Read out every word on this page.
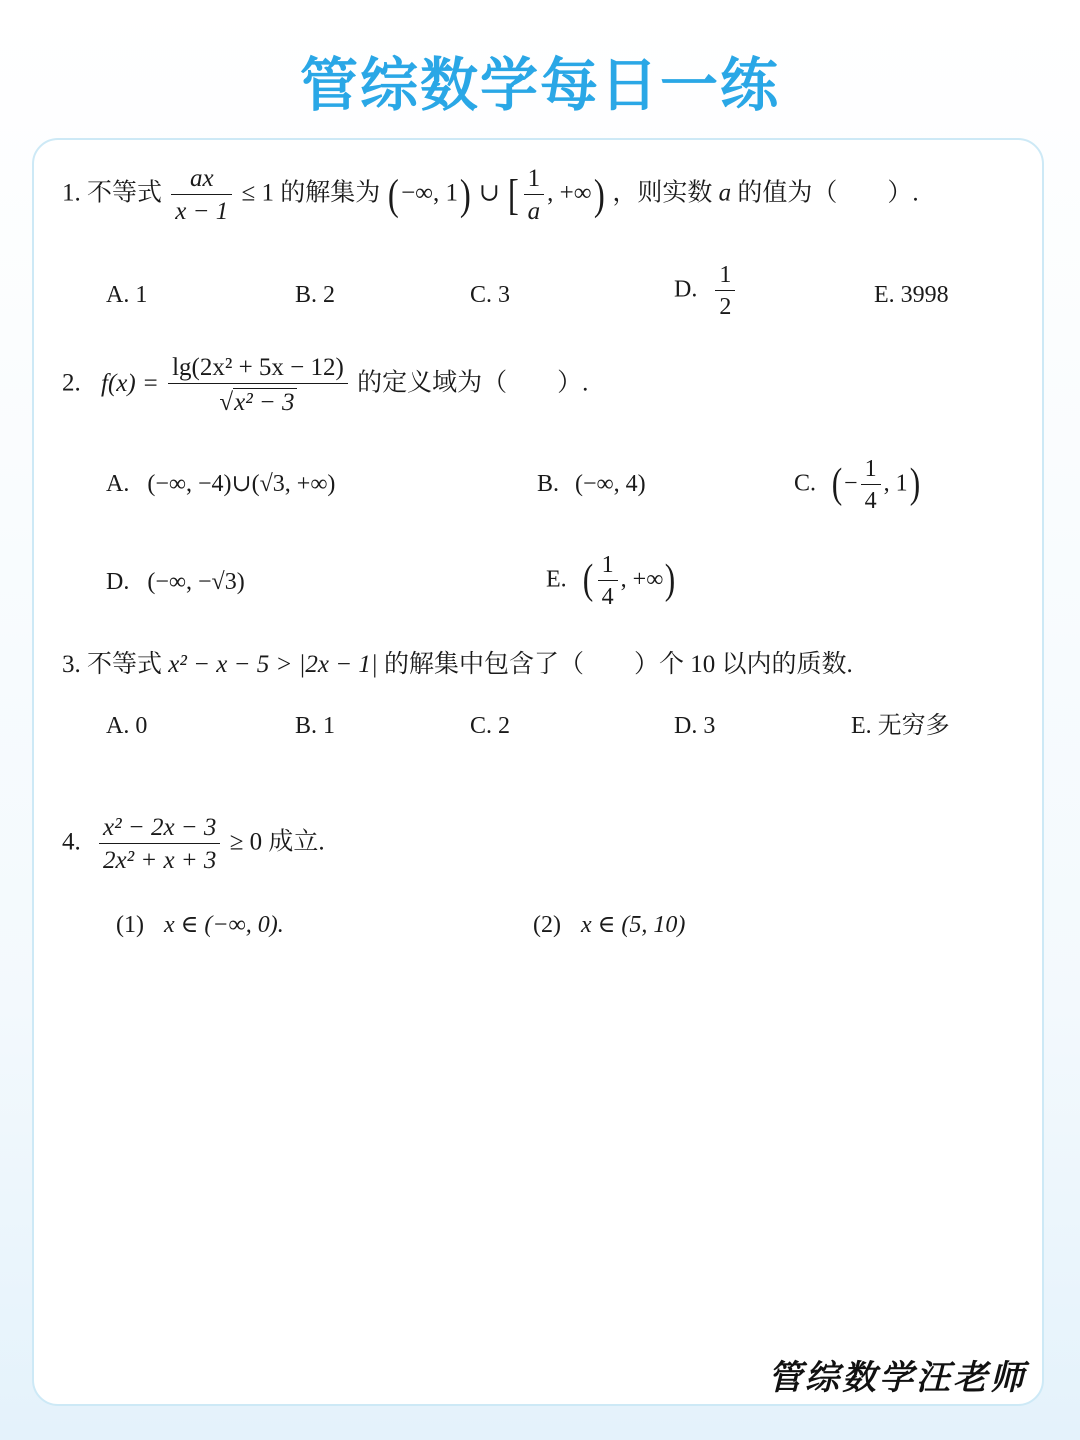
管综数学每日一练
1. 不等式 $\frac{ax}{x - 1} \le 1$ 的解集为 (−∞, 1) ∪ [ $\frac{1}{a}$ , +∞) ，则实数 a 的值为（　　）.
A. 1	B. 2	C. 3	D. $\frac{1}{2}$	E. 3998
2. $f(x) = \frac{\text{lg(2x² + 5x − 12)}}{\text{√x² − 3}}$ 的定义域为（　　）.
A. (−∞, −4)∪(√3, +∞)	B. (−∞, 4)	C. (− $\frac{1}{4}$ , 1)
D. (−∞, −√3)	E. ( $\frac{1}{4}$ , +∞)
3. 不等式 x² − x − 5 > |2x − 1| 的解集中包含了（　　）个 10 以内的质数.
A. 0	B. 1	C. 2	D. 3	E. 无穷多
4. $\frac{\text{x² − 2x − 3}}{\text{2x² + x + 3}} \ge 0$ 成立.
(1) x ∈ (−∞, 0).	(2) x ∈ (5, 10)
管综数学汪老师
